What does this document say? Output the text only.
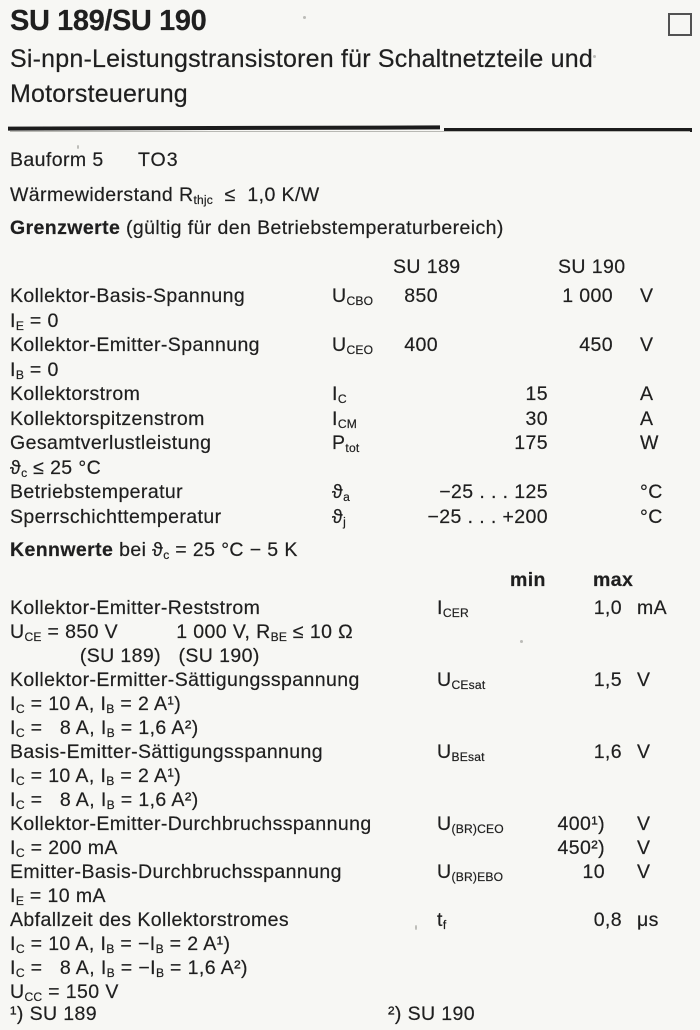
SU 189/SU 190
Si-npn-Leistungstransistoren für Schaltnetzteile und Motorsteuerung
Bauform 5 TO3
Wärmewiderstand $R_{thjc} \le 1,0$ K/W
Grenzwerte (gültig für den Betriebstemperaturbereich)
SU 189	SU 190
Kollektor-Basis-Spannung	$U_{CBO}$	850	1 000 V
$I_E = 0$
Kollektor-Emitter-Spannung	$U_{CEO}$	400	450 V
$I_B = 0$
Kollektorstrom	$I_C$	15	A
Kollektorspitzenstrom	$I_{CM}$	30	A
Gesamtverlustleistung	$P_{tot}$	175	W
$ϑ_c \le 25$ °C
Betriebstemperatur	$ϑ_a$	−25 . . . 125	°C
Sperrschichttemperatur	$ϑ_j$	−25 . . . +200	°C
Kennwerte bei $ϑ_c = 25$ °C − 5 K
min max
Kollektor-Emitter-Reststrom	$I_{CER}$	1,0 mA
$U_{CE} = 850$ V          1 000 V, $R_{BE} \le 10$ Ω
(SU 189)   (SU 190)
Kollektor-Ermitter-Sättigungsspannung	$U_{CEsat}$	1,5 V
$I_C = 10$ A, $I_B = 2$ A¹)
$I_C = 8$ A, $I_B = 1,6$ A²)
Basis-Emitter-Sättigungsspannung	$U_{BEsat}$	1,6 V
$I_C = 10$ A, $I_B = 2$ A¹)
$I_C = 8$ A, $I_B = 1,6$ A²)
Kollektor-Emitter-Durchbruchsspannung	$U_{(BR)CEO}$	400¹) V
$I_C = 200$ mA	450²) V
Emitter-Basis-Durchbruchsspannung	$U_{(BR)EBO}$	10 V
$I_E = 10$ mA
Abfallzeit des Kollektorstromes	$t_f$	0,8 μs
$I_C = 10$ A, $I_B = -I_B = 2$ A¹)
$I_C = 8$ A, $I_B = -I_B = 1,6$ A²)
$U_{CC} = 150$ V
¹) SU 189	²) SU 190
